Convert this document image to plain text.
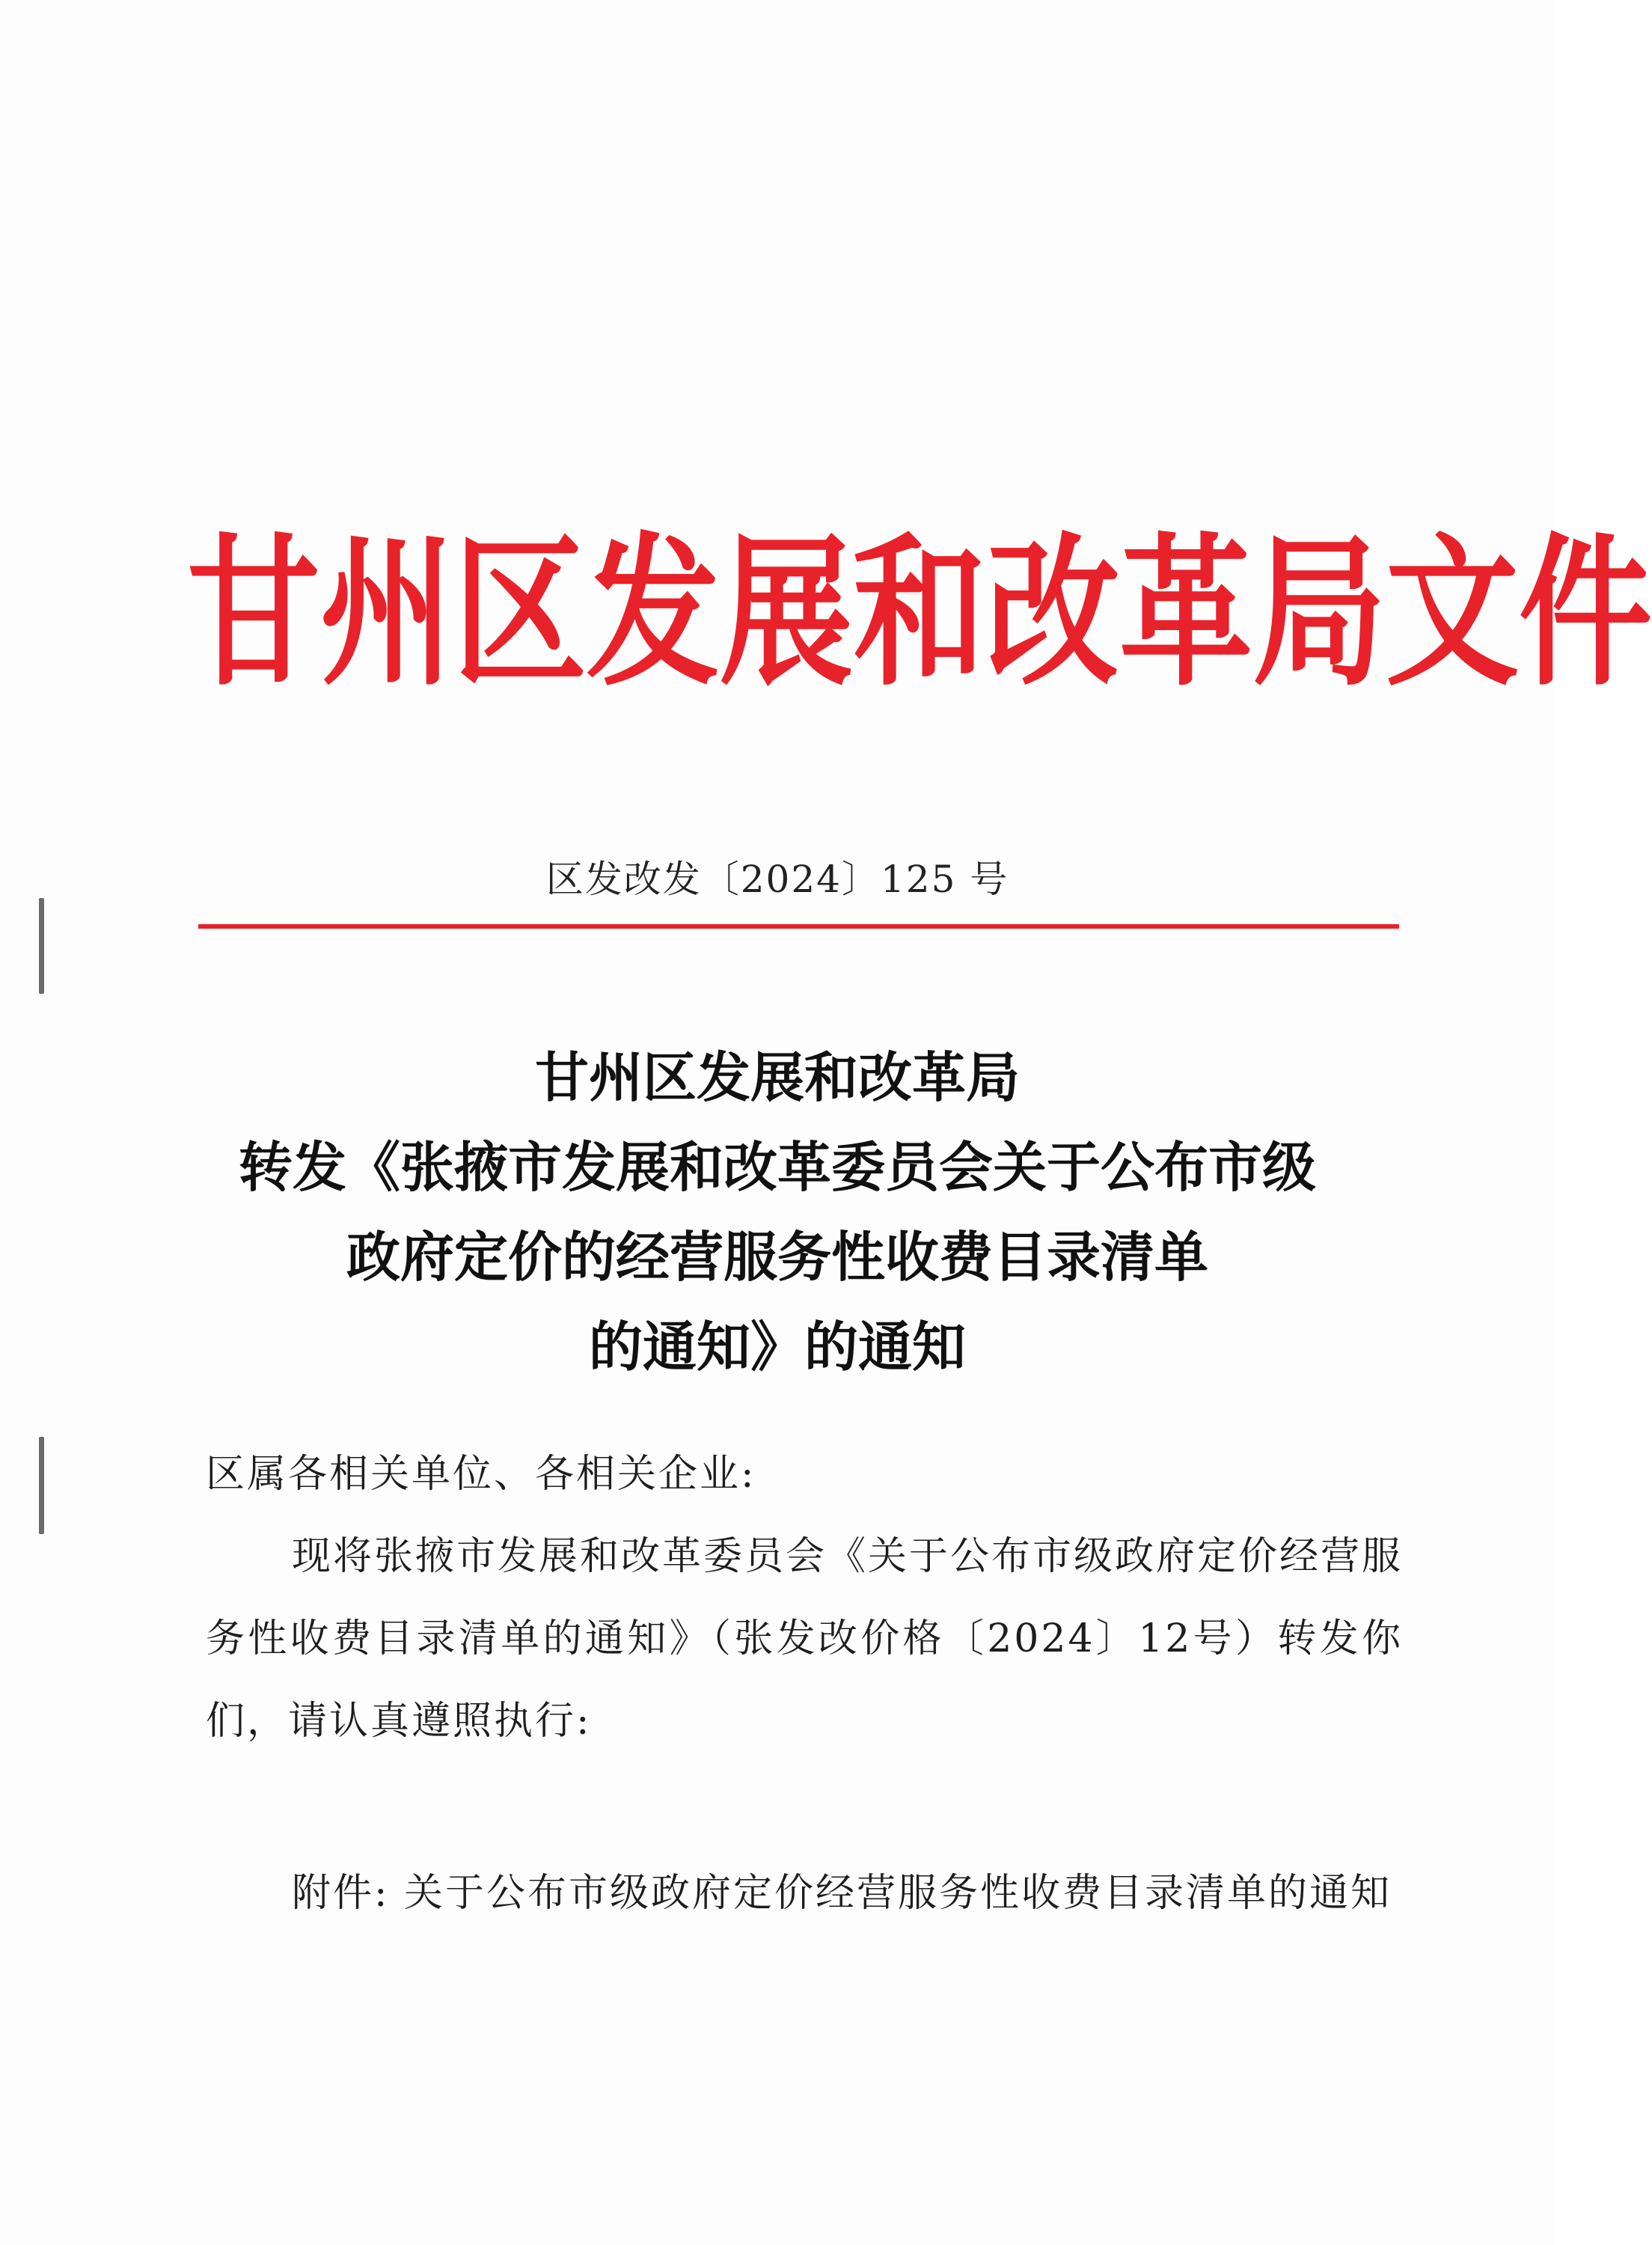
甘 州 区 发 展 和 改 革 局 文 件
区发改发〔2024〕125 号
甘州区发展和改革局
转发《张掖市发展和改革委员会关于公布市级
政府定价的经营服务性收费目录清单
的通知》的通知
区属各相关单位、各相关企业:
现将张掖市发展和改革委员会《关于公布市级政府定价经营服务性收费目录清单的通知》（张发改价格〔2024〕12号）转发你们，请认真遵照执行:
附件: 关于公布市级政府定价经营服务性收费目录清单的通知
